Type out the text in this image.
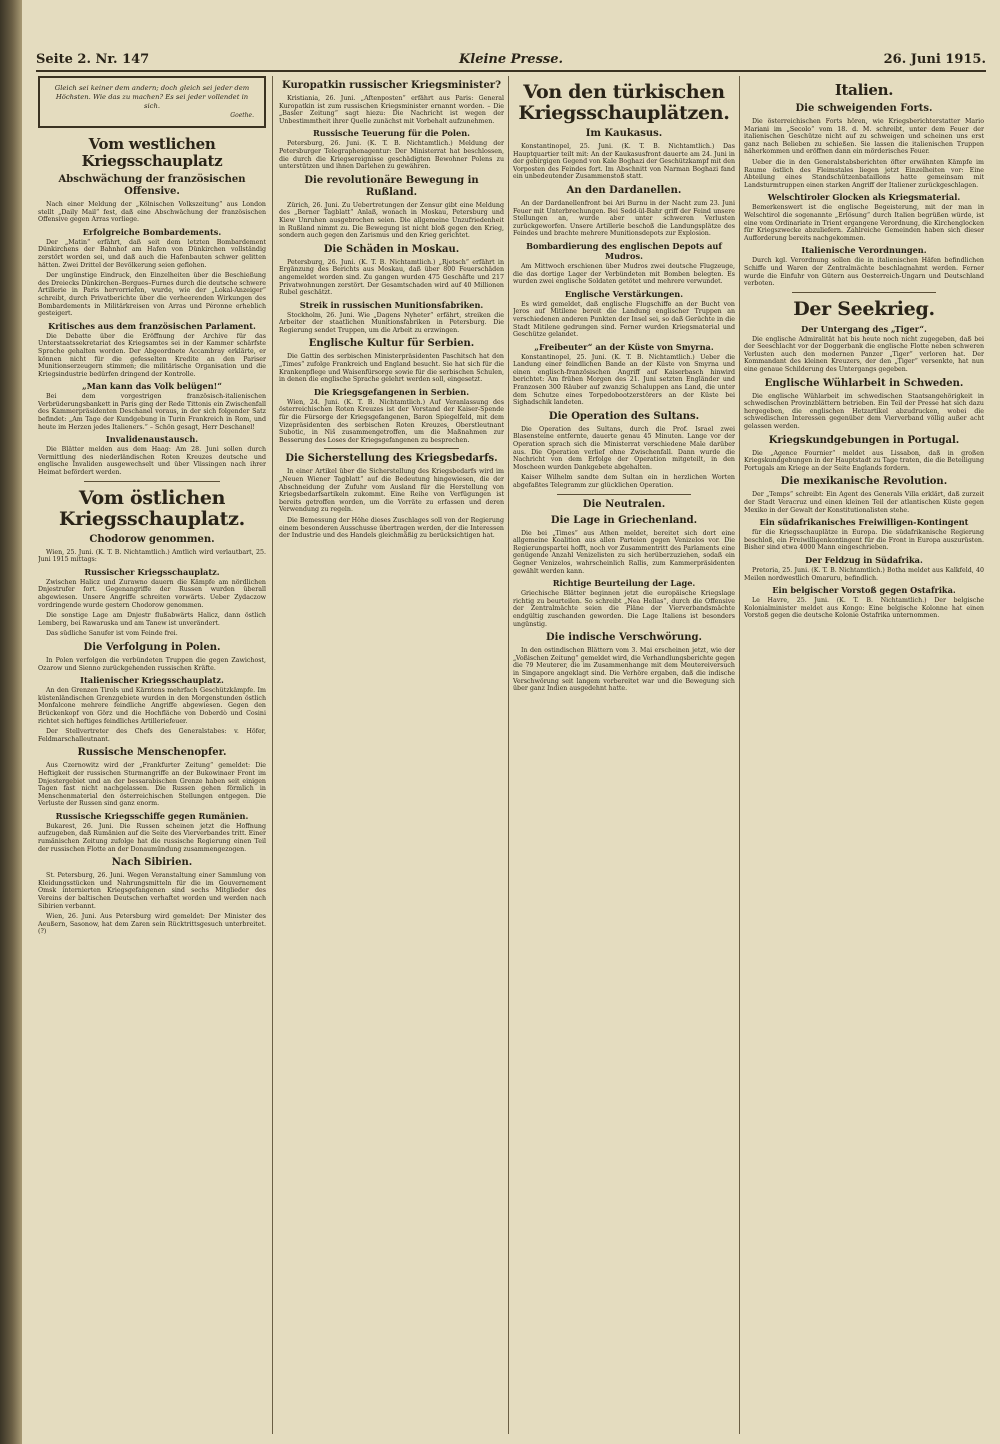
Seite 2. Nr. 147	Kleine Presse.	26. Juni 1915.
Gleich sei keiner dem andern; doch gleich sei jeder dem Höchsten. Wie das zu machen? Es sei jeder vollendet in sich.
Goethe.
Vom westlichen Kriegsschauplatz
Abschwächung der französischen Offensive.

Nach einer Meldung der „Kölnischen Volkszeitung“ aus London stellt „Daily Mail“ fest, daß eine Abschwächung der französischen Offensive gegen Arras vorliege.

Erfolgreiche Bombardements.

Der „Matin“ erfährt, daß seit dem letzten Bombardement Dünkirchens der Bahnhof am Hafen von Dünkirchen vollständig zerstört worden sei, und daß auch die Hafenbauten schwer gelitten hätten. Zwei Drittel der Bevölkerung seien geflohen.

Der ungünstige Eindruck, den Einzelheiten über die Beschießung des Dreiecks Dünkirchen–Bergues–Furnes durch die deutsche schwere Artillerie in Paris hervorriefen, wurde, wie der „Lokal-Anzeiger“ schreibt, durch Privatberichte über die verheerenden Wirkungen des Bombardements in Militärkreisen von Arras und Péronne erheblich gesteigert.

Kritisches aus dem französischen Parlament.

Die Debatte über die Eröffnung der Archive für das Unterstaatssekretariat des Kriegsamtes sei in der Kammer schärfste Sprache gehalten worden. Der Abgeordnete Accambray erklärte, er können nicht für die gefesselten Kredite an den Pariser Munitionserzeugern stimmen; die militärische Organisation und die Kriegsindustrie bedürfen dringend der Kontrolle.

„Man kann das Volk belügen!“

Bei dem vorgestrigen französisch-italienischen Verbrüderungsbankett in Paris ging der Rede Tittonis ein Zwischenfall des Kammerpräsidenten Deschanel voraus, in der sich folgender Satz befindet: „Am Tage der Kundgebung in Turin Frankreich in Rom, und heute im Herzen jedes Italieners.“ – Schön gesagt, Herr Deschanel!

Invalidenaustausch.

Die Blätter melden aus dem Haag: Am 28. Juni sollen durch Vermittlung des niederländischen Roten Kreuzes deutsche und englische Invaliden ausgewechselt und über Vlissingen nach ihrer Heimat befördert werden.

Vom östlichen Kriegsschauplatz.
Chodorow genommen.

Wien, 25. Juni. (K. T. B. Nichtamtlich.) Amtlich wird verlautbart, 25. Juni 1915 mittags:

Russischer Kriegsschauplatz.

Zwischen Halicz und Zurawno dauern die Kämpfe am nördlichen Dnjestrufer fort. Gegenangriffe der Russen wurden überall abgewiesen. Unsere Angriffe schreiten vorwärts. Ueber Zydaczow vordringende wurde gestern Chodorow genommen.

Die sonstige Lage am Dnjestr flußabwärts Halicz, dann östlich Lemberg, bei Rawaruska und am Tanew ist unverändert.

Das südliche Sanufer ist vom Feinde frei.

Die Verfolgung in Polen.

In Polen verfolgen die verbündeten Truppen die gegen Zawichost, Ozarow und Sienno zurückgehenden russischen Kräfte.

Italienischer Kriegsschauplatz.

An den Grenzen Tirols und Kärntens mehrfach Geschützkämpfe. Im küstenländischen Grenzgebiete wurden in den Morgenstunden östlich Monfalcone mehrere feindliche Angriffe abgewiesen. Gegen den Brückenkopf von Görz und die Hochfläche von Doberdò und Cosini richtet sich heftiges feindliches Artilleriefeuer.

Der Stellvertreter des Chefs des Generalstabes: v. Höfer, Feldmarschalleutnant.

Russische Menschenopfer.

Aus Czernowitz wird der „Frankfurter Zeitung“ gemeldet: Die Heftigkeit der russischen Sturmangriffe an der Bukowinaer Front im Dnjestergebiet und an der bessarabischen Grenze haben seit einigen Tagen fast nicht nachgelassen. Die Russen gehen förmlich in Menschenmaterial den österreichischen Stellungen entgegen. Die Verluste der Russen sind ganz enorm.

Russische Kriegsschiffe gegen Rumänien.

Bukarest, 26. Juni. Die Russen scheinen jetzt die Hoffnung aufzugeben, daß Rumänien auf die Seite des Vierverbandes tritt. Einer rumänischen Zeitung zufolge hat die russische Regierung einen Teil der russischen Flotte an der Donaumündung zusammengezogen.

Nach Sibirien.

St. Petersburg, 26. Juni. Wegen Veranstaltung einer Sammlung von Kleidungsstücken und Nahrungsmitteln für die im Gouvernement Omsk internierten Kriegsgefangenen sind sechs Mitglieder des Vereins der baltischen Deutschen verhaftet worden und werden nach Sibirien verbannt.

Wien, 26. Juni. Aus Petersburg wird gemeldet: Der Minister des Aeußern, Sasonow, hat dem Zaren sein Rücktrittsgesuch unterbreitet. (?)

Kuropatkin russischer Kriegsminister?

Kristiania, 26. Juni. „Aftenposten“ erfährt aus Paris: General Kuropatkin ist zum russischen Kriegsminister ernannt worden. – Die „Basler Zeitung“ sagt hiezu: Die Nachricht ist wegen der Unbestimmtheit ihrer Quelle zunächst mit Vorbehalt aufzunehmen.

Russische Teuerung für die Polen.

Petersburg, 26. Juni. (K. T. B. Nichtamtlich.) Meldung der Petersburger Telegraphenagentur: Der Ministerrat hat beschlossen, die durch die Kriegsereignisse geschädigten Bewohner Polens zu unterstützen und ihnen Darlehen zu gewähren.

Die revolutionäre Bewegung in Rußland.

Zürich, 26. Juni. Zu Uebertretungen der Zensur gibt eine Meldung des „Berner Tagblatt“ Anlaß, wonach in Moskau, Petersburg und Kiew Unruhen ausgebrochen seien. Die allgemeine Unzufriedenheit in Rußland nimmt zu. Die Bewegung ist nicht bloß gegen den Krieg, sondern auch gegen den Zarismus und den Krieg gerichtet.

Die Schäden in Moskau.

Petersburg, 26. Juni. (K. T. B. Nichtamtlich.) „Rjetsch“ erfährt in Ergänzung des Berichts aus Moskau, daß über 800 Feuerschäden angemeldet worden sind. Zu gangen wurden 475 Geschäfte und 217 Privatwohnungen zerstört. Der Gesamtschaden wird auf 40 Millionen Rubel geschätzt.

Streik in russischen Munitionsfabriken.

Stockholm, 26. Juni. Wie „Dagens Nyheter“ erfährt, streiken die Arbeiter der staatlichen Munitionsfabriken in Petersburg. Die Regierung sendet Truppen, um die Arbeit zu erzwingen.

Englische Kultur für Serbien.

Die Gattin des serbischen Ministerpräsidenten Paschitsch hat den „Times“ zufolge Frankreich und England besucht. Sie hat sich für die Krankenpflege und Waisenfürsorge sowie für die serbischen Schulen, in denen die englische Sprache gelehrt werden soll, eingesetzt.

Die Kriegsgefangenen in Serbien.

Wien, 24. Juni. (K. T. B. Nichtamtlich.) Auf Veranlassung des österreichischen Roten Kreuzes ist der Vorstand der Kaiser-Spende für die Fürsorge der Kriegsgefangenen, Baron Spiegelfeld, mit dem Vizepräsidenten des serbischen Roten Kreuzes, Oberstleutnant Subotic, in Niš zusammengetroffen, um die Maßnahmen zur Besserung des Loses der Kriegsgefangenen zu besprechen.

Die Sicherstellung des Kriegsbedarfs.

In einer Artikel über die Sicherstellung des Kriegsbedarfs wird im „Neuen Wiener Tagblatt“ auf die Bedeutung hingewiesen, die der Abschneidung der Zufuhr vom Ausland für die Herstellung von Kriegsbedarfsartikeln zukommt. Eine Reihe von Verfügungen ist bereits getroffen worden, um die Vorräte zu erfassen und deren Verwendung zu regeln.

Die Bemessung der Höhe dieses Zuschlages soll von der Regierung einem besonderen Ausschusse übertragen werden, der die Interessen der Industrie und des Handels gleichmäßig zu berücksichtigen hat.

Von den türkischen Kriegsschauplätzen.
Im Kaukasus.

Konstantinopel, 25. Juni. (K. T. B. Nichtamtlich.) Das Hauptquartier teilt mit: An der Kaukasusfront dauerte am 24. Juni in der gebirgigen Gegend von Kale Boghazi der Geschützkampf mit den Vorposten des Feindes fort. Im Abschnitt von Narman Boghazi fand ein unbedeutender Zusammenstoß statt.

An den Dardanellen.

An der Dardanellenfront bei Ari Burnu in der Nacht zum 23. Juni Feuer mit Unterbrechungen. Bei Sedd-ül-Bahr griff der Feind unsere Stellungen an, wurde aber unter schweren Verlusten zurückgeworfen. Unsere Artillerie beschoß die Landungsplätze des Feindes und brachte mehrere Munitionsdepots zur Explosion.

Bombardierung des englischen Depots auf Mudros.

Am Mittwoch erschienen über Mudros zwei deutsche Flugzeuge, die das dortige Lager der Verbündeten mit Bomben belegten. Es wurden zwei englische Soldaten getötet und mehrere verwundet.

Englische Verstärkungen.

Es wird gemeldet, daß englische Flugschiffe an der Bucht von Jeros auf Mitilene bereit die Landung englischer Truppen an verschiedenen anderen Punkten der Insel sei, so daß Gerüchte in die Stadt Mitilene gedrungen sind. Ferner wurden Kriegsmaterial und Geschütze gelandet.

„Freibeuter“ an der Küste von Smyrna.

Konstantinopel, 25. Juni. (K. T. B. Nichtamtlich.) Ueber die Landung einer feindlichen Bande an der Küste von Smyrna und einen englisch-französischen Angriff auf Kaiserbasch hinwird berichtet: Am frühen Morgen des 21. Juni setzten Engländer und Franzosen 300 Räuber auf zwanzig Schaluppen ans Land, die unter dem Schutze eines Torpedobootzerstörers an der Küste bei Sighadschik landeten.

Die Operation des Sultans.

Die Operation des Sultans, durch die Prof. Israel zwei Blasensteine entfernte, dauerte genau 45 Minuten. Lange vor der Operation sprach sich die Ministerrat verschiedene Male darüber aus. Die Operation verlief ohne Zwischenfall. Dann wurde die Nachricht von dem Erfolge der Operation mitgeteilt, in den Moscheen wurden Dankgebete abgehalten.

Kaiser Wilhelm sandte dem Sultan ein in herzlichen Worten abgefaßtes Telegramm zur glücklichen Operation.

Die Neutralen.
Die Lage in Griechenland.

Die bei „Times“ aus Athen meldet, bereitet sich dort eine allgemeine Koalition aus allen Parteien gegen Venizelos vor. Die Regierungspartei hofft, noch vor Zusammentritt des Parlaments eine genügende Anzahl Venizelisten zu sich herüberzuziehen, sodaß ein Gegner Venizelos, wahrscheinlich Rallis, zum Kammerpräsidenten gewählt werden kann.

Richtige Beurteilung der Lage.

Griechische Blätter beginnen jetzt die europäische Kriegslage richtig zu beurteilen. So schreibt „Nea Hellas“, durch die Offensive der Zentralmächte seien die Pläne der Vierverbandsmächte endgültig zuschanden geworden. Die Lage Italiens ist besonders ungünstig.

Die indische Verschwörung.

In den ostindischen Blättern vom 3. Mai erscheinen jetzt, wie der „Voßischen Zeitung“ gemeldet wird, die Verhandlungsberichte gegen die 79 Meuterer, die im Zusammenhange mit dem Meutereiversuch in Singapore angeklagt sind. Die Verhöre ergaben, daß die indische Verschwörung seit langem vorbereitet war und die Bewegung sich über ganz Indien ausgedehnt hatte.

Italien.
Die schweigenden Forts.

Die österreichischen Forts hören, wie Kriegsberichterstatter Mario Mariani im „Secolo“ vom 18. d. M. schreibt, unter dem Feuer der italienischen Geschütze nicht auf zu schweigen und scheinen uns erst ganz nach Belieben zu schießen. Sie lassen die italienischen Truppen näherkommen und eröffnen dann ein mörderisches Feuer.

Ueber die in den Generalstabsberichten öfter erwähnten Kämpfe im Raume östlich des Fleimstales liegen jetzt Einzelheiten vor: Eine Abteilung eines Standschützenbataillons hatte gemeinsam mit Landsturmtruppen einen starken Angriff der Italiener zurückgeschlagen.

Welschtiroler Glocken als Kriegsmaterial.

Bemerkenswert ist die englische Begeisterung, mit der man in Welschtirol die sogenannte „Erlösung“ durch Italien begrüßen würde, ist eine vom Ordinariate in Trient ergangene Verordnung, die Kirchenglocken für Kriegszwecke abzuliefern. Zahlreiche Gemeinden haben sich dieser Aufforderung bereits nachgekommen.

Italienische Verordnungen.

Durch kgl. Verordnung sollen die in italienischen Häfen befindlichen Schiffe und Waren der Zentralmächte beschlagnahmt werden. Ferner wurde die Einfuhr von Gütern aus Oesterreich-Ungarn und Deutschland verboten.

Der Seekrieg.
Der Untergang des „Tiger“.

Die englische Admiralität hat bis heute noch nicht zugegeben, daß bei der Seeschlacht vor der Doggerbank die englische Flotte neben schweren Verlusten auch den modernen Panzer „Tiger“ verloren hat. Der Kommandant des kleinen Kreuzers, der den „Tiger“ versenkte, hat nun eine genaue Schilderung des Untergangs gegeben.

Englische Wühlarbeit in Schweden.

Die englische Wühlarbeit im schwedischen Staatsangehörigkeit in schwedischen Provinzblättern betrieben. Ein Teil der Presse hat sich dazu hergegeben, die englischen Hetzartikel abzudrucken, wobei die schwedischen Interessen gegenüber dem Vierverband völlig außer acht gelassen werden.

Kriegskundgebungen in Portugal.

Die „Agence Fournier“ meldet aus Lissabon, daß in großen Kriegskundgebungen in der Hauptstadt zu Tage traten, die die Beteiligung Portugals am Kriege an der Seite Englands fordern.

Die mexikanische Revolution.

Der „Temps“ schreibt: Ein Agent des Generals Villa erklärt, daß zurzeit der Stadt Veracruz und einen kleinen Teil der atlantischen Küste gegen Mexiko in der Gewalt der Konstitutionalisten stehe.

Ein südafrikanisches Freiwilligen-Kontingent

für die Kriegsschauplätze in Europa. Die südafrikanische Regierung beschloß, ein Freiwilligenkontingent für die Front in Europa auszurüsten. Bisher sind etwa 4000 Mann eingeschrieben.

Der Feldzug in Südafrika.

Pretoria, 25. Juni. (K. T. B. Nichtamtlich.) Botha meldet aus Kalkfeld, 40 Meilen nordwestlich Omaruru, befindlich.

Ein belgischer Vorstoß gegen Ostafrika.

Le Havre, 25. Juni. (K. T. B. Nichtamtlich.) Der belgische Kolonialminister meldet aus Kongo: Eine belgische Kolonne hat einen Vorstoß gegen die deutsche Kolonie Ostafrika unternommen.
